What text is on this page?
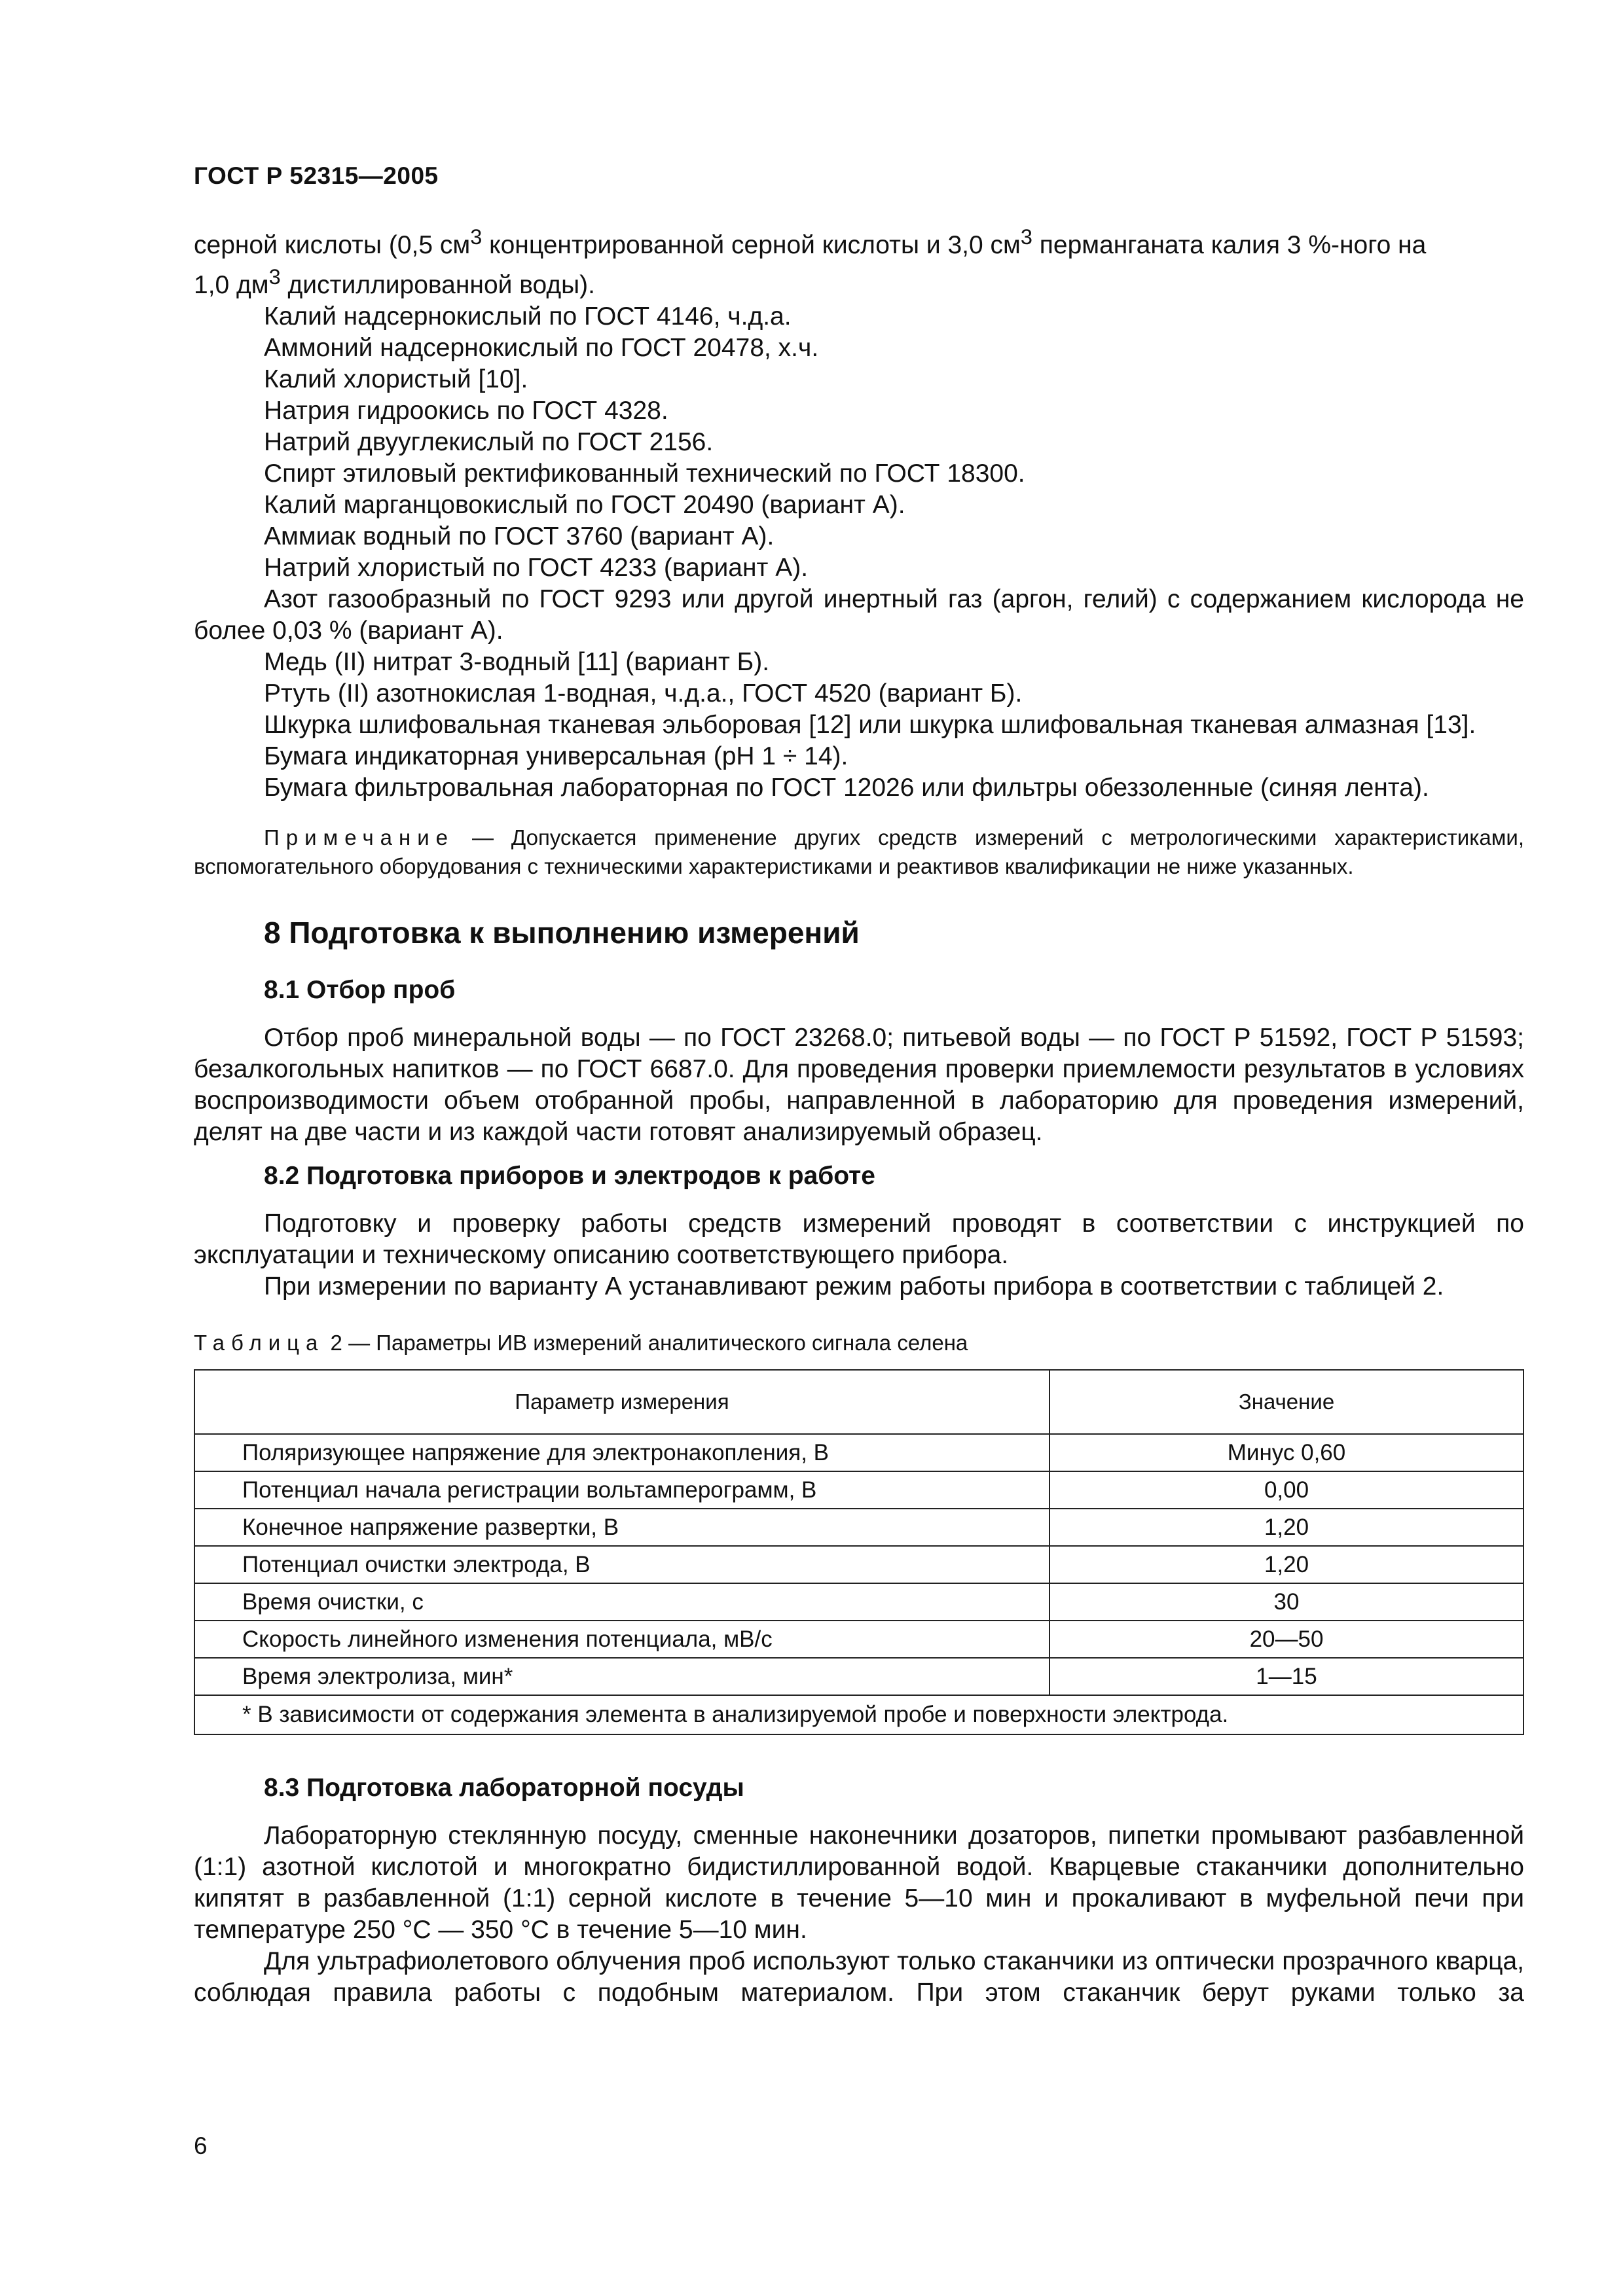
ГОСТ Р 52315—2005

серной кислоты (0,5 $см^3$ концентрированной серной кислоты и 3,0 $см^3$ перманганата калия 3 %-ного на

1,0 $дм^3$ дистиллированной воды).

Калий надсернокислый по ГОСТ 4146, ч.д.а.

Аммоний надсернокислый по ГОСТ 20478, х.ч.

Калий хлористый [10].

Натрия гидроокись по ГОСТ 4328.

Натрий двууглекислый по ГОСТ 2156.

Спирт этиловый ректификованный технический по ГОСТ 18300.

Калий марганцовокислый по ГОСТ 20490 (вариант А).

Аммиак водный по ГОСТ 3760 (вариант А).

Натрий хлористый по ГОСТ 4233 (вариант А).

Азот газообразный по ГОСТ 9293 или другой инертный газ (аргон, гелий) с содержанием кислорода не более 0,03 % (вариант А).

Медь (II) нитрат 3-водный [11] (вариант Б).

Ртуть (II) азотнокислая 1-водная, ч.д.а., ГОСТ 4520 (вариант Б).

Шкурка шлифовальная тканевая эльборовая [12] или шкурка шлифовальная тканевая алмазная [13].

Бумага индикаторная универсальная (рН 1 ÷ 14).

Бумага фильтровальная лабораторная по ГОСТ 12026 или фильтры обеззоленные (синяя лента).

Примечание — Допускается применение других средств измерений с метрологическими характеристиками, вспомогательного оборудования с техническими характеристиками и реактивов квалификации не ниже указанных.

8 Подготовка к выполнению измерений
8.1 Отбор проб

Отбор проб минеральной воды — по ГОСТ 23268.0; питьевой воды — по ГОСТ Р 51592, ГОСТ Р 51593; безалкогольных напитков — по ГОСТ 6687.0. Для проведения проверки приемлемости результатов в условиях воспроизводимости объем отобранной пробы, направленной в лабораторию для проведения измерений, делят на две части и из каждой части готовят анализируемый образец.

8.2 Подготовка приборов и электродов к работе

Подготовку и проверку работы средств измерений проводят в соответствии с инструкцией по эксплуатации и техническому описанию соответствующего прибора.

При измерении по варианту А устанавливают режим работы прибора в соответствии с таблицей 2.

Таблица 2 — Параметры ИВ измерений аналитического сигнала селена

Параметр измерения	Значение
Поляризующее напряжение для электронакопления, В	Минус 0,60
Потенциал начала регистрации вольтамперограмм, В	0,00
Конечное напряжение развертки, В	1,20
Потенциал очистки электрода, В	1,20
Время очистки, с	30
Скорость линейного изменения потенциала, мВ/с	20—50
Время электролиза, мин*	1—15
* В зависимости от содержания элемента в анализируемой пробе и поверхности электрода.	
8.3 Подготовка лабораторной посуды

Лабораторную стеклянную посуду, сменные наконечники дозаторов, пипетки промывают разбавленной (1:1) азотной кислотой и многократно бидистиллированной водой. Кварцевые стаканчики дополнительно кипятят в разбавленной (1:1) серной кислоте в течение 5—10 мин и прокаливают в муфельной печи при температуре 250 °С — 350 °С в течение 5—10 мин.

Для ультрафиолетового облучения проб используют только стаканчики из оптически прозрачного кварца, соблюдая правила работы с подобным материалом. При этом стаканчик берут руками только за

6
